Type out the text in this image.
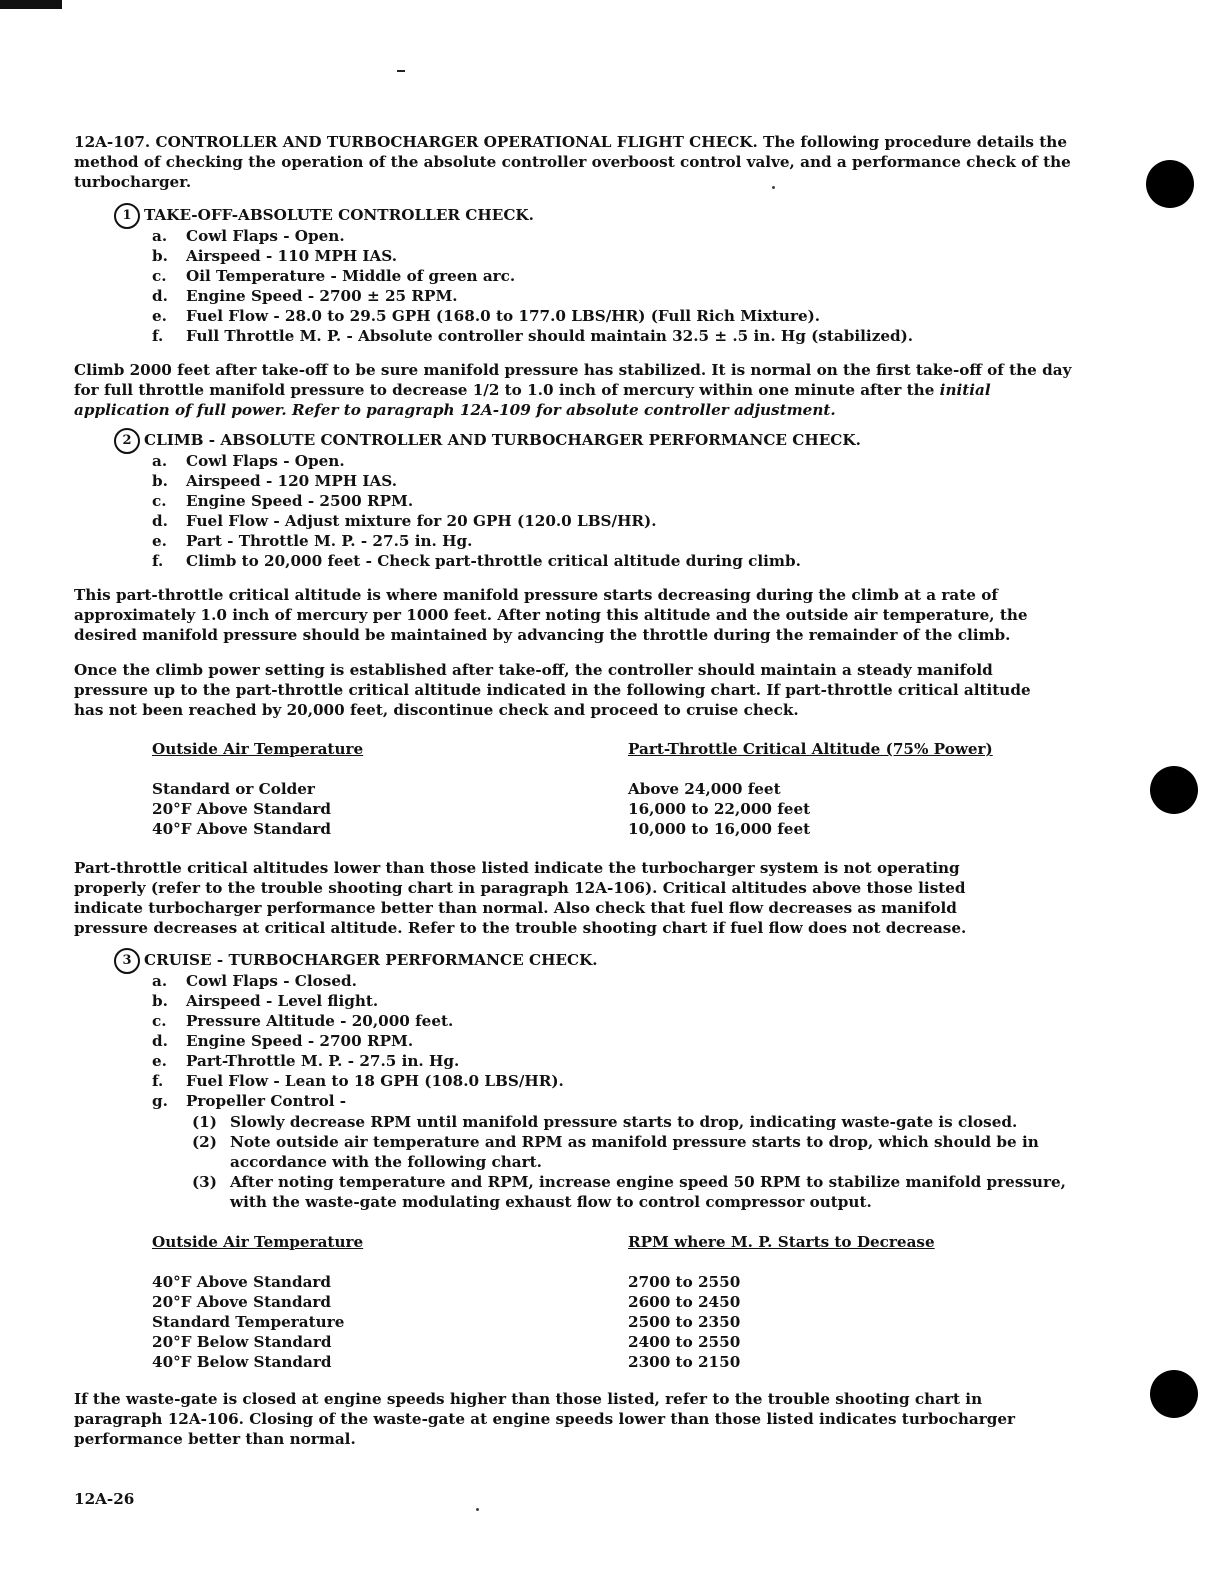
12A-107. CONTROLLER AND TURBOCHARGER OPERATIONAL FLIGHT CHECK. The following procedure details the method of checking the operation of the absolute controller overboost control valve, and a performance check of the turbocharger.
1 TAKE-OFF-ABSOLUTE CONTROLLER CHECK.
a. Cowl Flaps - Open.
b. Airspeed - 110 MPH IAS.
c. Oil Temperature - Middle of green arc.
d. Engine Speed - 2700 ± 25 RPM.
e. Fuel Flow - 28.0 to 29.5 GPH (168.0 to 177.0 LBS/HR) (Full Rich Mixture).
f. Full Throttle M. P. - Absolute controller should maintain 32.5 ± .5 in. Hg (stabilized).
Climb 2000 feet after take-off to be sure manifold pressure has stabilized. It is normal on the first take-off of the day for full throttle manifold pressure to decrease 1/2 to 1.0 inch of mercury within one minute after the initial application of full power. Refer to paragraph 12A-109 for absolute controller adjustment.
2 CLIMB - ABSOLUTE CONTROLLER AND TURBOCHARGER PERFORMANCE CHECK.
a. Cowl Flaps - Open.
b. Airspeed - 120 MPH IAS.
c. Engine Speed - 2500 RPM.
d. Fuel Flow - Adjust mixture for 20 GPH (120.0 LBS/HR).
e. Part - Throttle M. P. - 27.5 in. Hg.
f. Climb to 20,000 feet - Check part-throttle critical altitude during climb.
This part-throttle critical altitude is where manifold pressure starts decreasing during the climb at a rate of approximately 1.0 inch of mercury per 1000 feet. After noting this altitude and the outside air temperature, the desired manifold pressure should be maintained by advancing the throttle during the remainder of the climb.
Once the climb power setting is established after take-off, the controller should maintain a steady manifold pressure up to the part-throttle critical altitude indicated in the following chart. If part-throttle critical altitude has not been reached by 20,000 feet, discontinue check and proceed to cruise check.
Outside Air Temperature	Part-Throttle Critical Altitude (75% Power)
Standard or Colder
20°F Above Standard
40°F Above Standard
Above 24,000 feet
16,000 to 22,000 feet
10,000 to 16,000 feet
Part-throttle critical altitudes lower than those listed indicate the turbocharger system is not operating properly (refer to the trouble shooting chart in paragraph 12A-106). Critical altitudes above those listed indicate turbocharger performance better than normal. Also check that fuel flow decreases as manifold pressure decreases at critical altitude. Refer to the trouble shooting chart if fuel flow does not decrease.
3 CRUISE - TURBOCHARGER PERFORMANCE CHECK.
a. Cowl Flaps - Closed.
b. Airspeed - Level flight.
c. Pressure Altitude - 20,000 feet.
d. Engine Speed - 2700 RPM.
e. Part-Throttle M. P. - 27.5 in. Hg.
f. Fuel Flow - Lean to 18 GPH (108.0 LBS/HR).
g. Propeller Control -
(1) Slowly decrease RPM until manifold pressure starts to drop, indicating waste-gate is closed.
(2) Note outside air temperature and RPM as manifold pressure starts to drop, which should be in accordance with the following chart.
(3) After noting temperature and RPM, increase engine speed 50 RPM to stabilize manifold pressure, with the waste-gate modulating exhaust flow to control compressor output.
Outside Air Temperature	RPM where M. P. Starts to Decrease
40°F Above Standard
20°F Above Standard
Standard Temperature
20°F Below Standard
40°F Below Standard
2700 to 2550
2600 to 2450
2500 to 2350
2400 to 2550
2300 to 2150
If the waste-gate is closed at engine speeds higher than those listed, refer to the trouble shooting chart in paragraph 12A-106. Closing of the waste-gate at engine speeds lower than those listed indicates turbocharger performance better than normal.
12A-26
